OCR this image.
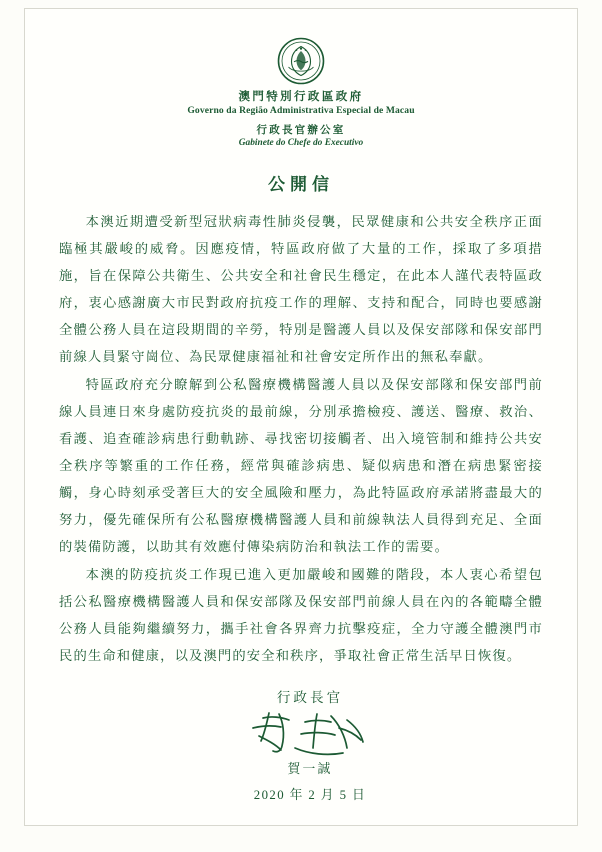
澳門特別行政區政府
Governo da Região Administrativa Especial de Macau
行政長官辦公室
Gabinete do Chefe do Executivo
公開信

本澳近期遭受新型冠狀病毒性肺炎侵襲，民眾健康和公共安全秩序正面臨極其嚴峻的威脅。因應疫情，特區政府做了大量的工作，採取了多項措施，旨在保障公共衛生、公共安全和社會民生穩定，在此本人謹代表特區政府，衷心感謝廣大市民對政府抗疫工作的理解、支持和配合，同時也要感謝全體公務人員在這段期間的辛勞，特別是醫護人員以及保安部隊和保安部門前線人員緊守崗位、為民眾健康福祉和社會安定所作出的無私奉獻。

特區政府充分瞭解到公私醫療機構醫護人員以及保安部隊和保安部門前線人員連日來身處防疫抗炎的最前線，分別承擔檢疫、護送、醫療、救治、看護、追查確診病患行動軌跡、尋找密切接觸者、出入境管制和維持公共安全秩序等繁重的工作任務，經常與確診病患、疑似病患和潛在病患緊密接觸，身心時刻承受著巨大的安全風險和壓力，為此特區政府承諾將盡最大的努力，優先確保所有公私醫療機構醫護人員和前線執法人員得到充足、全面的裝備防護，以助其有效應付傳染病防治和執法工作的需要。

本澳的防疫抗炎工作現已進入更加嚴峻和國難的階段，本人衷心希望包括公私醫療機構醫護人員和保安部隊及保安部門前線人員在內的各範疇全體公務人員能夠繼續努力，攜手社會各界齊力抗擊疫症，全力守護全體澳門市民的生命和健康，以及澳門的安全和秩序，爭取社會正常生活早日恢復。

行政長官
賀一誠
2020 年 2 月 5 日
